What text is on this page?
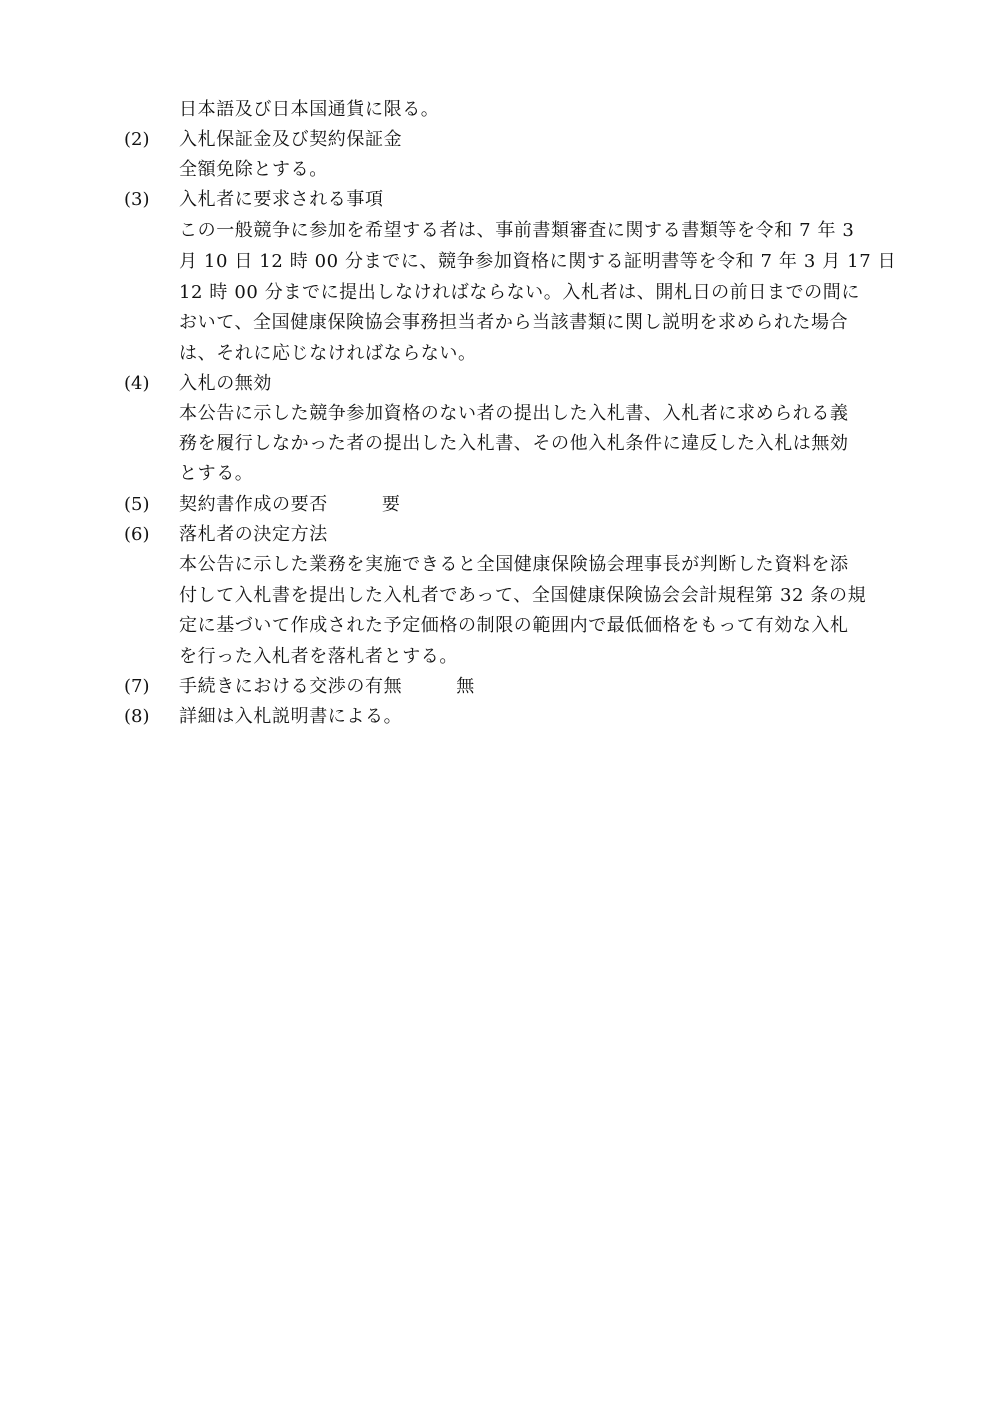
日本語及び日本国通貨に限る。
(2) 入札保証金及び契約保証金
全額免除とする。
(3) 入札者に要求される事項
この一般競争に参加を希望する者は、事前書類審査に関する書類等を令和 7 年 3
月 10 日 12 時 00 分までに、競争参加資格に関する証明書等を令和 7 年 3 月 17 日
12 時 00 分までに提出しなければならない。入札者は、開札日の前日までの間に
おいて、全国健康保険協会事務担当者から当該書類に関し説明を求められた場合
は、それに応じなければならない。
(4) 入札の無効
本公告に示した競争参加資格のない者の提出した入札書、入札者に求められる義
務を履行しなかった者の提出した入札書、その他入札条件に違反した入札は無効
とする。
(5) 契約書作成の要否	要
(6) 落札者の決定方法
本公告に示した業務を実施できると全国健康保険協会理事長が判断した資料を添
付して入札書を提出した入札者であって、全国健康保険協会会計規程第 32 条の規
定に基づいて作成された予定価格の制限の範囲内で最低価格をもって有効な入札
を行った入札者を落札者とする。
(7) 手続きにおける交渉の有無	無
(8) 詳細は入札説明書による。
